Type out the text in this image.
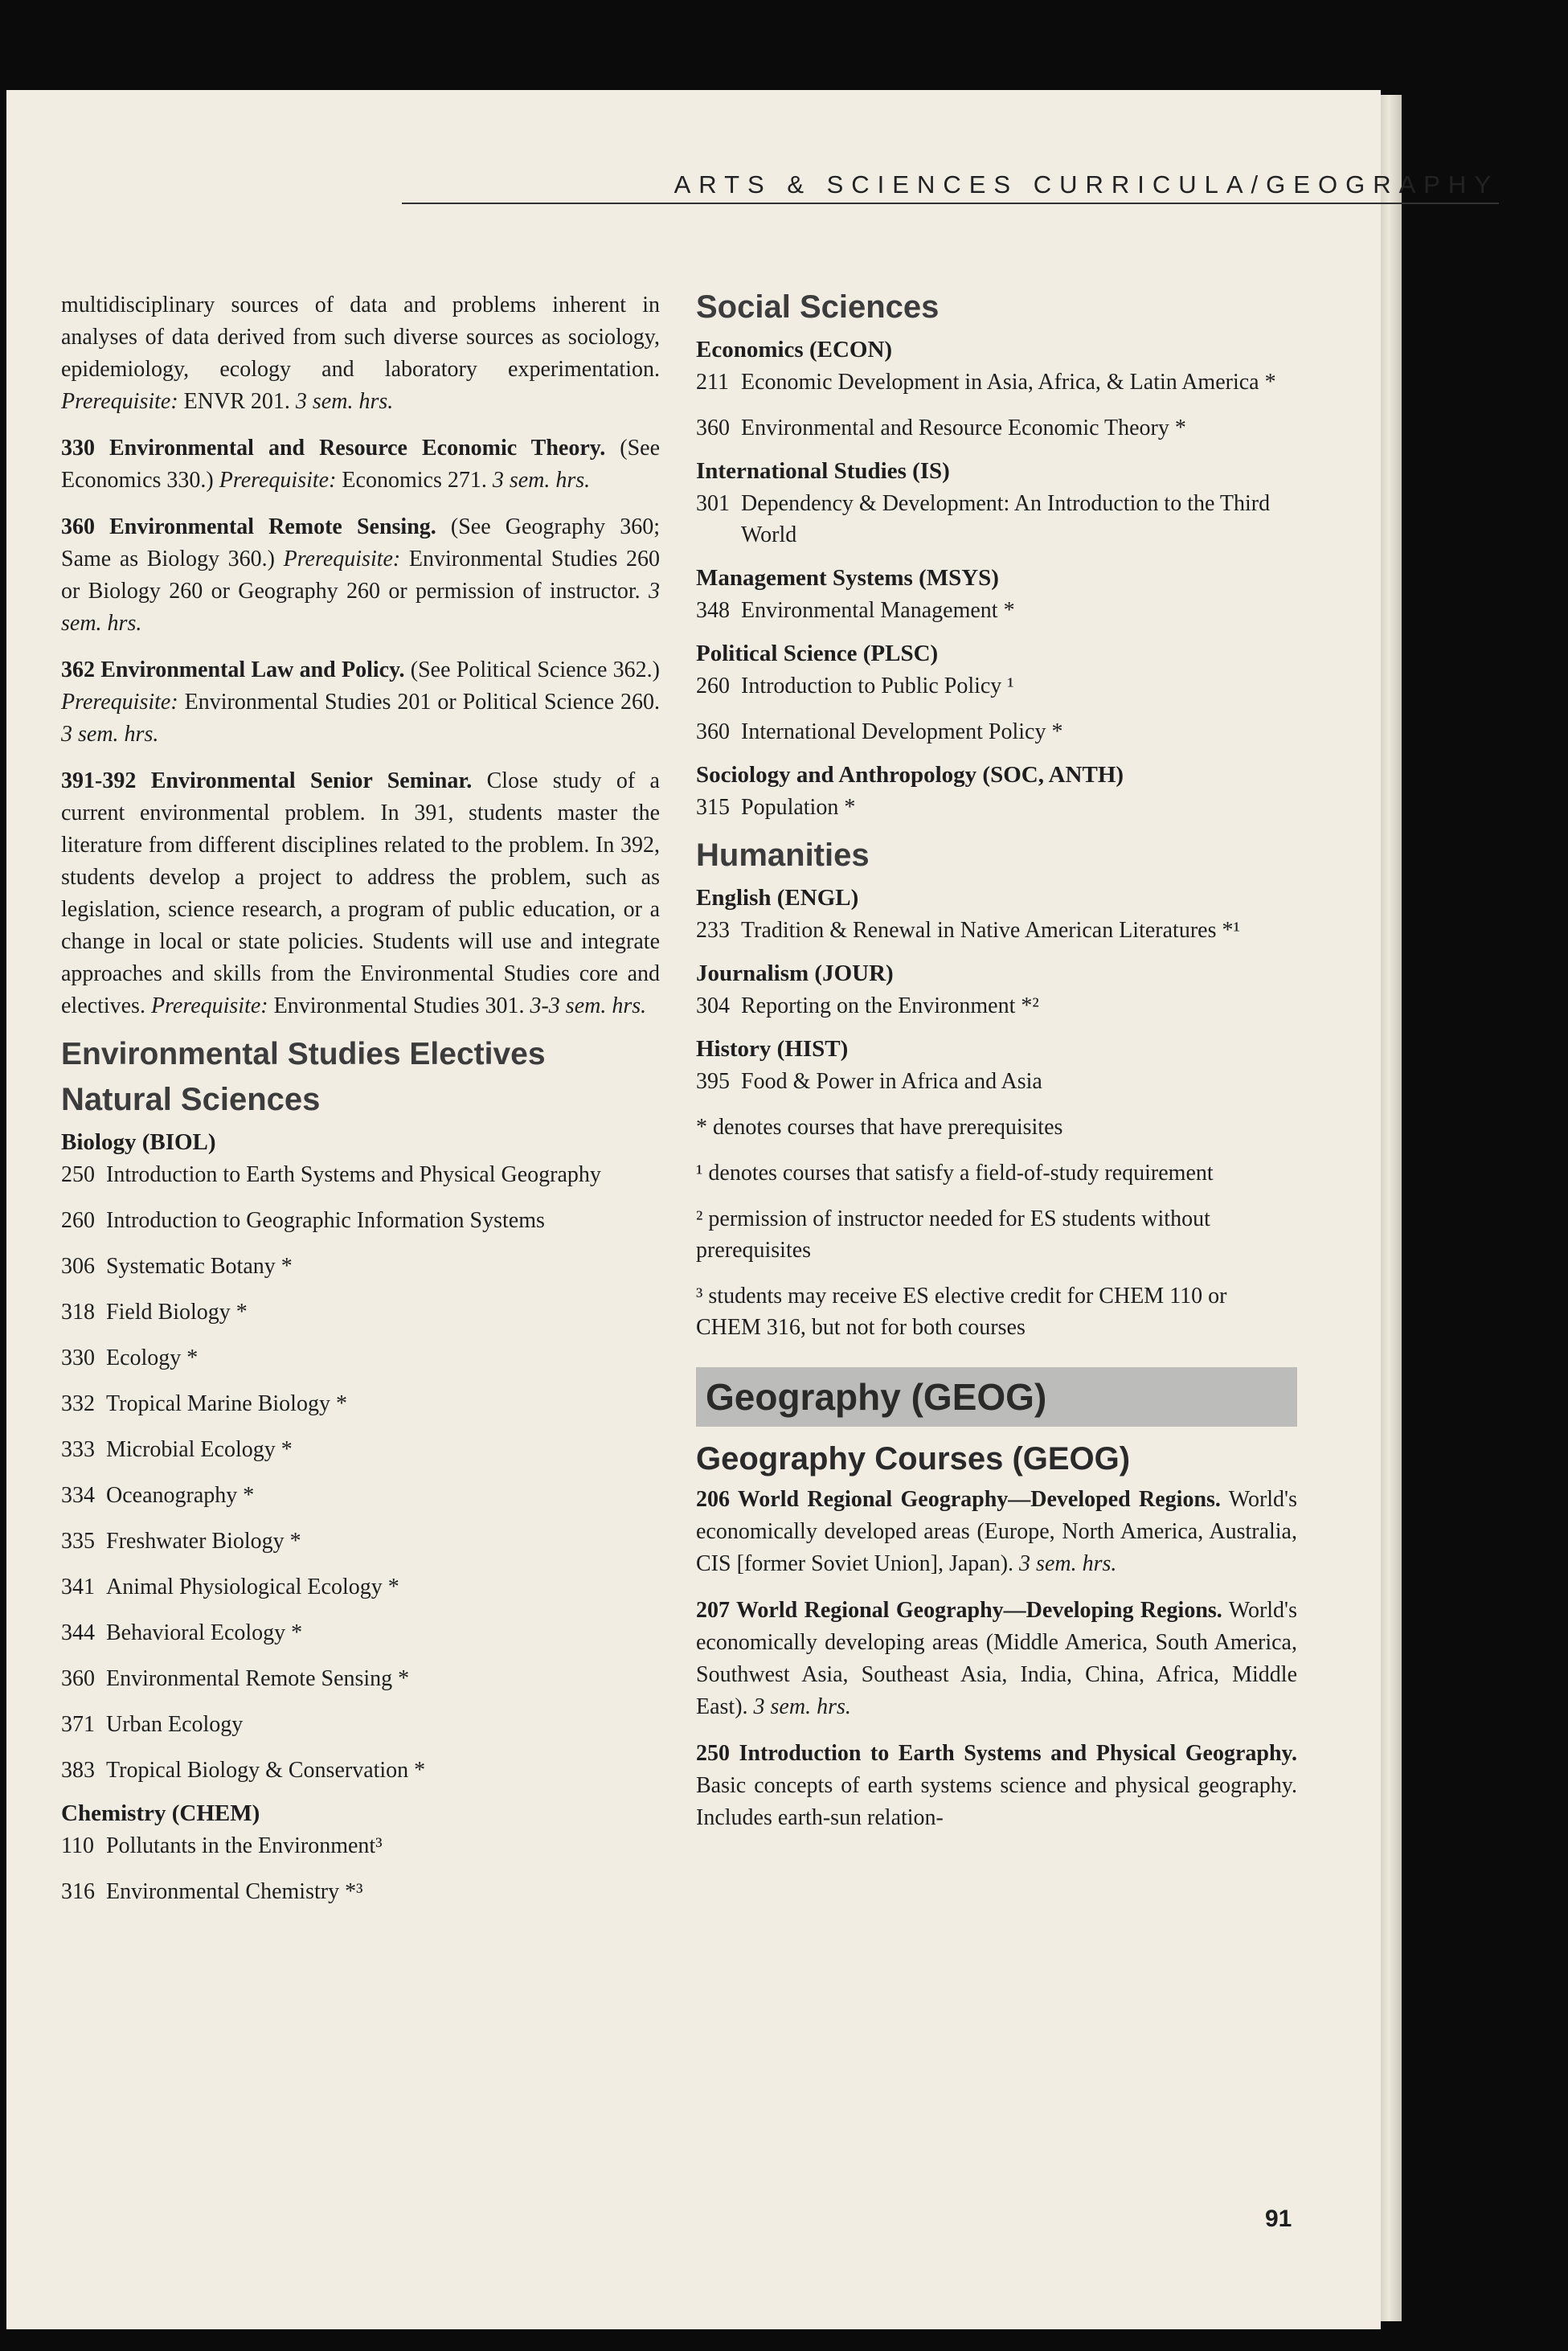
ARTS & SCIENCES CURRICULA/GEOGRAPHY

multidisciplinary sources of data and problems inherent in analyses of data derived from such diverse sources as sociology, epidemiology, ecology and laboratory experimentation. Prerequisite: ENVR 201. 3 sem. hrs.

330 Environmental and Resource Economic Theory. (See Economics 330.) Prerequisite: Economics 271. 3 sem. hrs.

360 Environmental Remote Sensing. (See Geography 360; Same as Biology 360.) Prerequisite: Environmental Studies 260 or Biology 260 or Geography 260 or permission of instructor. 3 sem. hrs.

362 Environmental Law and Policy. (See Political Science 362.) Prerequisite: Environmental Studies 201 or Political Science 260. 3 sem. hrs.

391-392 Environmental Senior Seminar. Close study of a current environmental problem. In 391, students master the literature from different disciplines related to the problem. In 392, students develop a project to address the problem, such as legislation, science research, a program of public education, or a change in local or state policies. Students will use and integrate approaches and skills from the Environmental Studies core and electives. Prerequisite: Environmental Studies 301. 3-3 sem. hrs.

Environmental Studies Electives
Natural Sciences
Biology (BIOL)
250 Introduction to Earth Systems and Physical Geography
260 Introduction to Geographic Information Systems
306 Systematic Botany *
318 Field Biology *
330 Ecology *
332 Tropical Marine Biology *
333 Microbial Ecology *
334 Oceanography *
335 Freshwater Biology *
341 Animal Physiological Ecology *
344 Behavioral Ecology *
360 Environmental Remote Sensing *
371 Urban Ecology
383 Tropical Biology & Conservation *
Chemistry (CHEM)
110 Pollutants in the Environment³
316 Environmental Chemistry *³
Social Sciences
Economics (ECON)
211 Economic Development in Asia, Africa, & Latin America *
360 Environmental and Resource Economic Theory *
International Studies (IS)
301 Dependency & Development: An Introduction to the Third World
Management Systems (MSYS)
348 Environmental Management *
Political Science (PLSC)
260 Introduction to Public Policy ¹
360 International Development Policy *
Sociology and Anthropology (SOC, ANTH)
315 Population *
Humanities
English (ENGL)
233 Tradition & Renewal in Native American Literatures *¹
Journalism (JOUR)
304 Reporting on the Environment *²
History (HIST)
395 Food & Power in Africa and Asia
* denotes courses that have prerequisites
¹ denotes courses that satisfy a field-of-study requirement
² permission of instructor needed for ES students without prerequisites
³ students may receive ES elective credit for CHEM 110 or CHEM 316, but not for both courses
Geography (GEOG)
Geography Courses (GEOG)

206 World Regional Geography—Developed Regions. World's economically developed areas (Europe, North America, Australia, CIS [former Soviet Union], Japan). 3 sem. hrs.

207 World Regional Geography—Developing Regions. World's economically developing areas (Middle America, South America, Southwest Asia, Southeast Asia, India, China, Africa, Middle East). 3 sem. hrs.

250 Introduction to Earth Systems and Physical Geography. Basic concepts of earth systems science and physical geography. Includes earth-sun relation-

91
